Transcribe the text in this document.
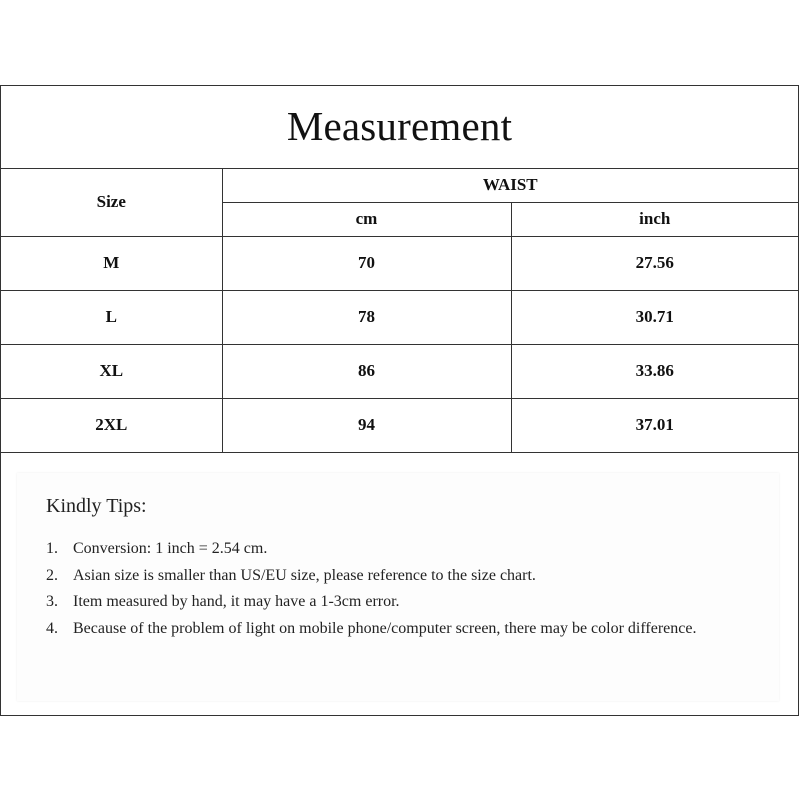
Measurement
Size	WAIST	
	cm	inch
M	70	27.56
L	78	30.71
XL	86	33.86
2XL	94	37.01
Kindly Tips:
1. Conversion: 1 inch = 2.54 cm.
2. Asian size is smaller than US/EU size, please reference to the size chart.
3. Item measured by hand, it may have a 1-3cm error.
4. Because of the problem of light on mobile phone/computer screen, there may be color difference.
